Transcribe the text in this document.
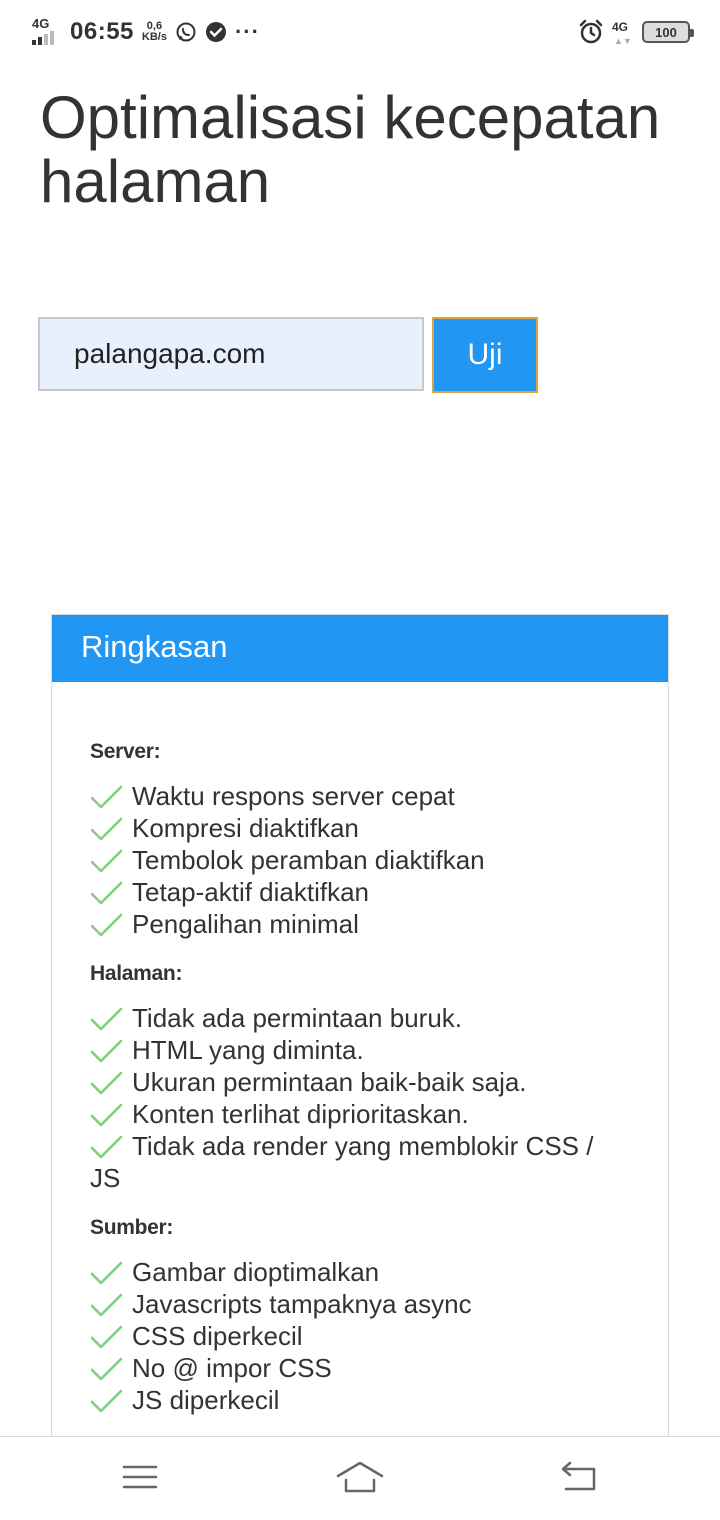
4G 06:55	0,6
KB/s	···	4G
▲▼
100
Optimalisasi kecepatan halaman
palangapa.com
Uji
Ringkasan
Server:
Waktu respons server cepat
Kompresi diaktifkan
Tembolok peramban diaktifkan
Tetap-aktif diaktifkan
Pengalihan minimal
Halaman:
Tidak ada permintaan buruk.
HTML yang diminta.
Ukuran permintaan baik-baik saja.
Konten terlihat diprioritaskan.
Tidak ada render yang memblokir CSS / JS
Sumber:
Gambar dioptimalkan
Javascripts tampaknya async
CSS diperkecil
No @ impor CSS
JS diperkecil
